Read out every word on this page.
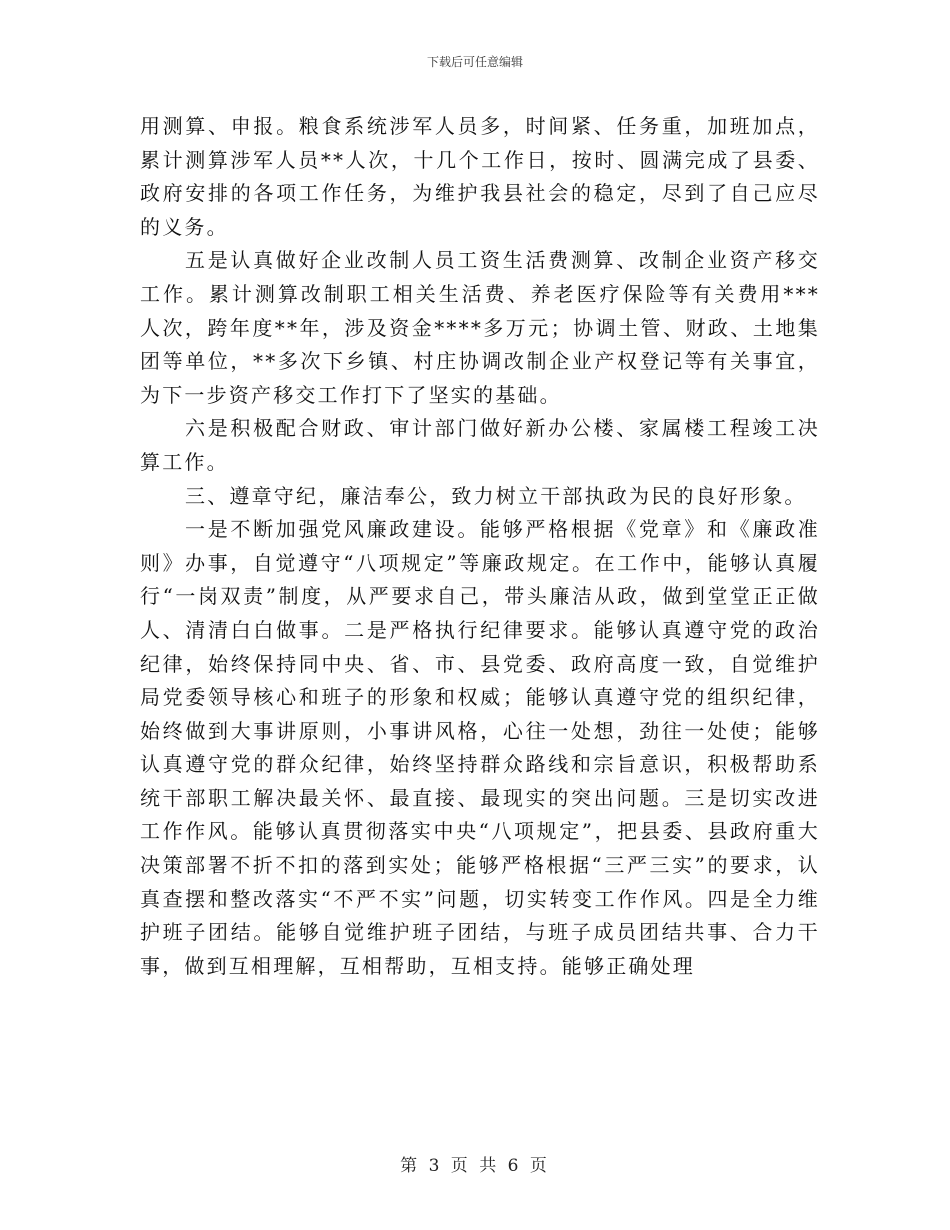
下载后可任意编辑

用测算、申报。粮食系统涉军人员多，时间紧、任务重，加班加点，累计测算涉军人员**人次，十几个工作日，按时、圆满完成了县委、政府安排的各项工作任务，为维护我县社会的稳定，尽到了自己应尽的义务。

五是认真做好企业改制人员工资生活费测算、改制企业资产移交工作。累计测算改制职工相关生活费、养老医疗保险等有关费用***人次，跨年度**年，涉及资金****多万元；协调土管、财政、土地集团等单位，**多次下乡镇、村庄协调改制企业产权登记等有关事宜，为下一步资产移交工作打下了坚实的基础。

六是积极配合财政、审计部门做好新办公楼、家属楼工程竣工决算工作。

三、遵章守纪，廉洁奉公，致力树立干部执政为民的良好形象。

一是不断加强党风廉政建设。能够严格根据《党章》和《廉政准则》办事，自觉遵守“八项规定”等廉政规定。在工作中，能够认真履行“一岗双责”制度，从严要求自己，带头廉洁从政，做到堂堂正正做人、清清白白做事。二是严格执行纪律要求。能够认真遵守党的政治纪律，始终保持同中央、省、市、县党委、政府高度一致，自觉维护局党委领导核心和班子的形象和权威；能够认真遵守党的组织纪律，始终做到大事讲原则，小事讲风格，心往一处想，劲往一处使；能够认真遵守党的群众纪律，始终坚持群众路线和宗旨意识，积极帮助系统干部职工解决最关怀、最直接、最现实的突出问题。三是切实改进工作作风。能够认真贯彻落实中央“八项规定”，把县委、县政府重大决策部署不折不扣的落到实处；能够严格根据“三严三实”的要求，认真查摆和整改落实“不严不实”问题，切实转变工作作风。四是全力维护班子团结。能够自觉维护班子团结，与班子成员团结共事、合力干事，做到互相理解，互相帮助，互相支持。能够正确处理

第 3 页 共 6 页
